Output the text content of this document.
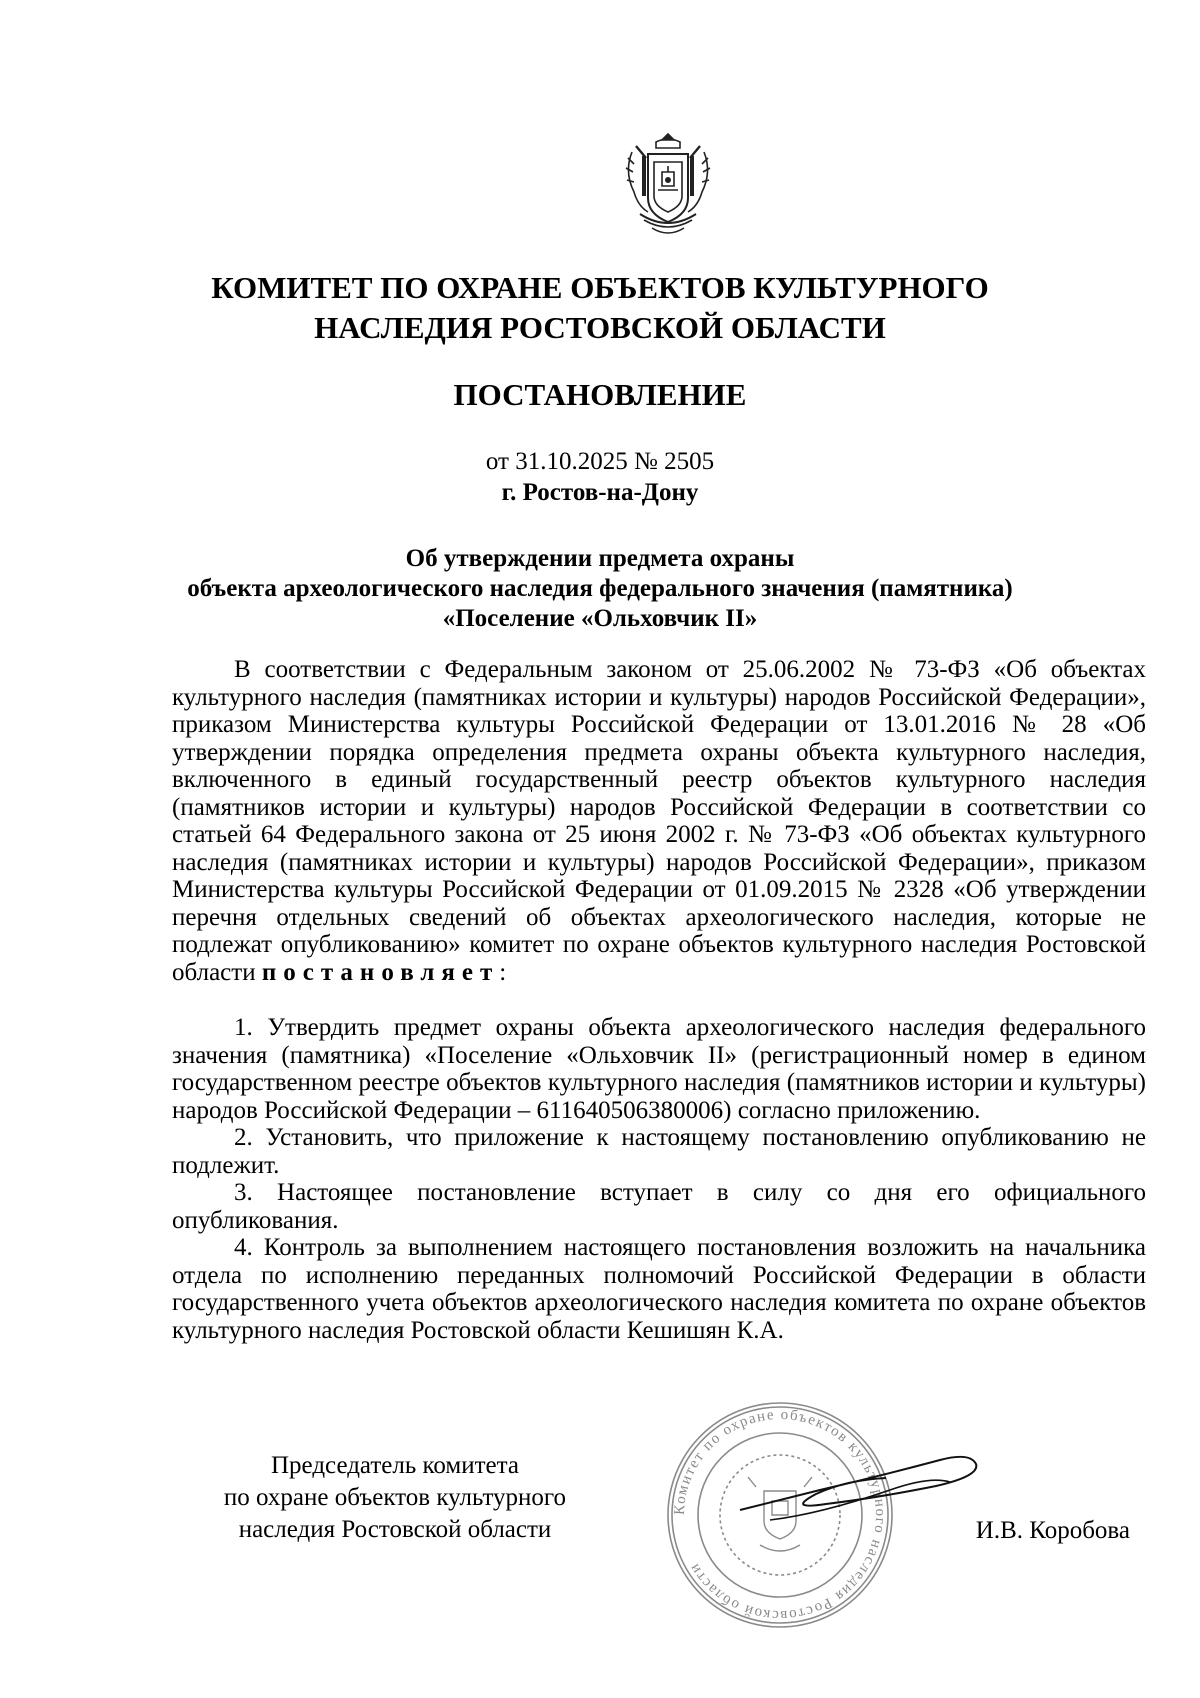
КОМИТЕТ ПО ОХРАНЕ ОБЪЕКТОВ КУЛЬТУРНОГО
НАСЛЕДИЯ РОСТОВСКОЙ ОБЛАСТИ
ПОСТАНОВЛЕНИЕ
от 31.10.2025 № 2505
г. Ростов-на-Дону
Об утверждении предмета охраны
объекта археологического наследия федерального значения (памятника)
«Поселение «Ольховчик II»

В соответствии с Федеральным законом от 25.06.2002 № 73-ФЗ «Об объектах культурного наследия (памятниках истории и культуры) народов Российской Федерации», приказом Министерства культуры Российской Федерации от 13.01.2016 № 28 «Об утверждении порядка определения предмета охраны объекта культурного наследия, включенного в единый государственный реестр объектов культурного наследия (памятников истории и культуры) народов Российской Федерации в соответствии со статьей 64 Федерального закона от 25 июня 2002 г. № 73-ФЗ «Об объектах культурного наследия (памятниках истории и культуры) народов Российской Федерации», приказом Министерства культуры Российской Федерации от 01.09.2015 № 2328 «Об утверждении перечня отдельных сведений об объектах археологического наследия, которые не подлежат опубликованию» комитет по охране объектов культурного наследия Ростовской области постановляет:

1. Утвердить предмет охраны объекта археологического наследия федерального значения (памятника) «Поселение «Ольховчик II» (регистрационный номер в едином государственном реестре объектов культурного наследия (памятников истории и культуры) народов Российской Федерации – 611640506380006) согласно приложению.

2. Установить, что приложение к настоящему постановлению опубликованию не подлежит.

3. Настоящее постановление вступает в силу со дня его официального опубликования.

4. Контроль за выполнением настоящего постановления возложить на начальника отдела по исполнению переданных полномочий Российской Федерации в области государственного учета объектов археологического наследия комитета по охране объектов культурного наследия Ростовской области Кешишян К.А.

Комитет по охране объектов культурного наследия Ростовской области
Председатель комитета
по охране объектов культурного
наследия Ростовской области	И.В. Коробова
